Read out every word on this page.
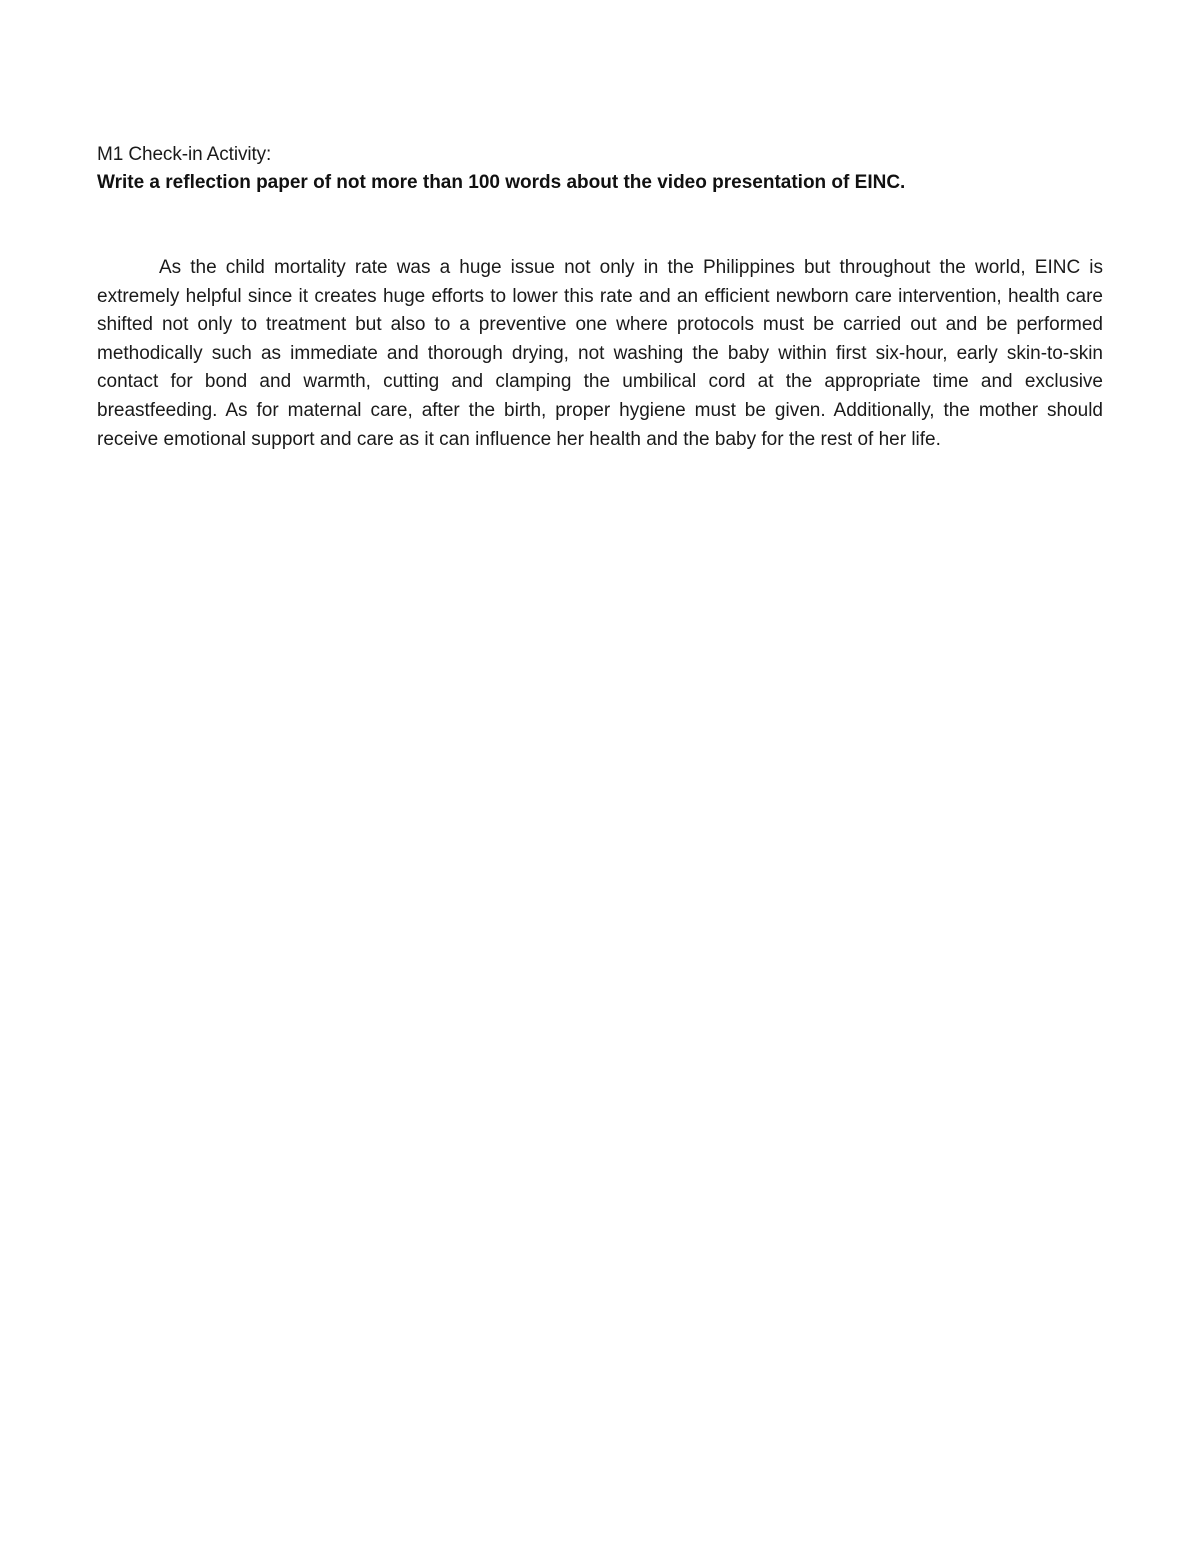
M1 Check-in Activity:

Write a reflection paper of not more than 100 words about the video presentation of EINC.

As the child mortality rate was a huge issue not only in the Philippines but throughout the world, EINC is extremely helpful since it creates huge efforts to lower this rate and an efficient newborn care intervention, health care shifted not only to treatment but also to a preventive one where protocols must be carried out and be performed methodically such as immediate and thorough drying, not washing the baby within first six-hour, early skin-to-skin contact for bond and warmth, cutting and clamping the umbilical cord at the appropriate time and exclusive breastfeeding. As for maternal care, after the birth, proper hygiene must be given. Additionally, the mother should receive emotional support and care as it can influence her health and the baby for the rest of her life.
